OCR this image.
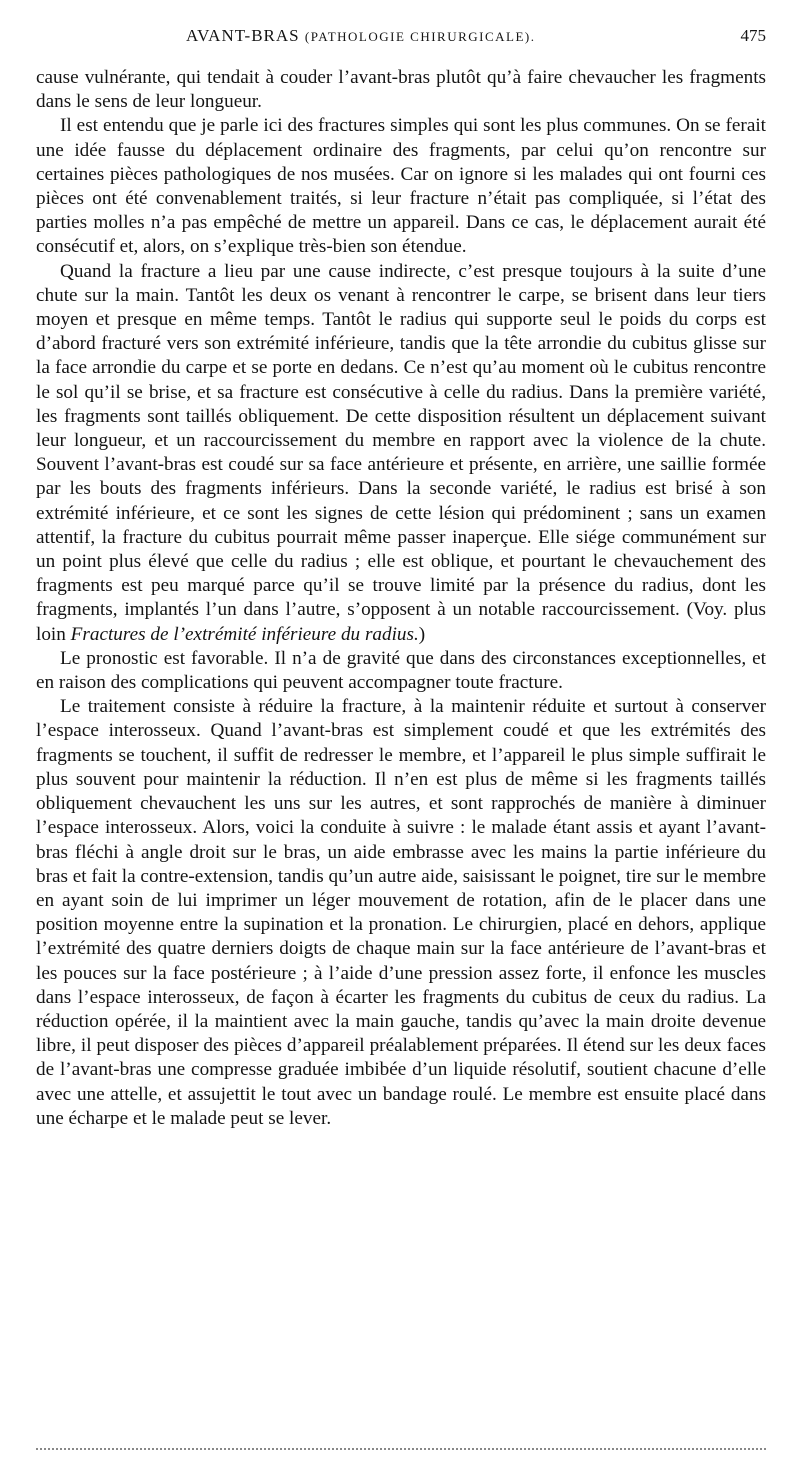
AVANT-BRAS (PATHOLOGIE CHIRURGICALE).	475

cause vulnérante, qui tendait à couder l’avant-bras plutôt qu’à faire chevaucher les fragments dans le sens de leur longueur.

Il est entendu que je parle ici des fractures simples qui sont les plus communes. On se ferait une idée fausse du déplacement ordinaire des fragments, par celui qu’on rencontre sur certaines pièces pathologiques de nos musées. Car on ignore si les malades qui ont fourni ces pièces ont été convenablement traités, si leur fracture n’était pas compliquée, si l’état des parties molles n’a pas empêché de mettre un appareil. Dans ce cas, le déplacement aurait été consécutif et, alors, on s’explique très-bien son étendue.

Quand la fracture a lieu par une cause indirecte, c’est presque toujours à la suite d’une chute sur la main. Tantôt les deux os venant à rencontrer le carpe, se brisent dans leur tiers moyen et presque en même temps. Tantôt le radius qui supporte seul le poids du corps est d’abord fracturé vers son extrémité inférieure, tandis que la tête arrondie du cubitus glisse sur la face arrondie du carpe et se porte en dedans. Ce n’est qu’au moment où le cubitus rencontre le sol qu’il se brise, et sa fracture est consécutive à celle du radius. Dans la première variété, les fragments sont taillés obliquement. De cette disposition résultent un déplacement suivant leur longueur, et un raccourcissement du membre en rapport avec la violence de la chute. Souvent l’avant-bras est coudé sur sa face antérieure et présente, en arrière, une saillie formée par les bouts des fragments inférieurs. Dans la seconde variété, le radius est brisé à son extrémité inférieure, et ce sont les signes de cette lésion qui prédominent ; sans un examen attentif, la fracture du cubitus pourrait même passer inaperçue. Elle siége communément sur un point plus élevé que celle du radius ; elle est oblique, et pourtant le chevauchement des fragments est peu marqué parce qu’il se trouve limité par la présence du radius, dont les fragments, implantés l’un dans l’autre, s’opposent à un notable raccourcissement. (Voy. plus loin Fractures de l’extrémité inférieure du radius.)

Le pronostic est favorable. Il n’a de gravité que dans des circonstances exceptionnelles, et en raison des complications qui peuvent accompagner toute fracture.

Le traitement consiste à réduire la fracture, à la maintenir réduite et surtout à conserver l’espace interosseux. Quand l’avant-bras est simplement coudé et que les extrémités des fragments se touchent, il suffit de redresser le membre, et l’appareil le plus simple suffirait le plus souvent pour maintenir la réduction. Il n’en est plus de même si les fragments taillés obliquement chevauchent les uns sur les autres, et sont rapprochés de manière à diminuer l’espace interosseux. Alors, voici la conduite à suivre : le malade étant assis et ayant l’avant-bras fléchi à angle droit sur le bras, un aide embrasse avec les mains la partie inférieure du bras et fait la contre-extension, tandis qu’un autre aide, saisissant le poignet, tire sur le membre en ayant soin de lui imprimer un léger mouvement de rotation, afin de le placer dans une position moyenne entre la supination et la pronation. Le chirurgien, placé en dehors, applique l’extrémité des quatre derniers doigts de chaque main sur la face antérieure de l’avant-bras et les pouces sur la face postérieure ; à l’aide d’une pression assez forte, il enfonce les muscles dans l’espace interosseux, de façon à écarter les fragments du cubitus de ceux du radius. La réduction opérée, il la maintient avec la main gauche, tandis qu’avec la main droite devenue libre, il peut disposer des pièces d’appareil préalablement préparées. Il étend sur les deux faces de l’avant-bras une compresse graduée imbibée d’un liquide résolutif, soutient chacune d’elle avec une attelle, et assujettit le tout avec un bandage roulé. Le membre est ensuite placé dans une écharpe et le malade peut se lever.
